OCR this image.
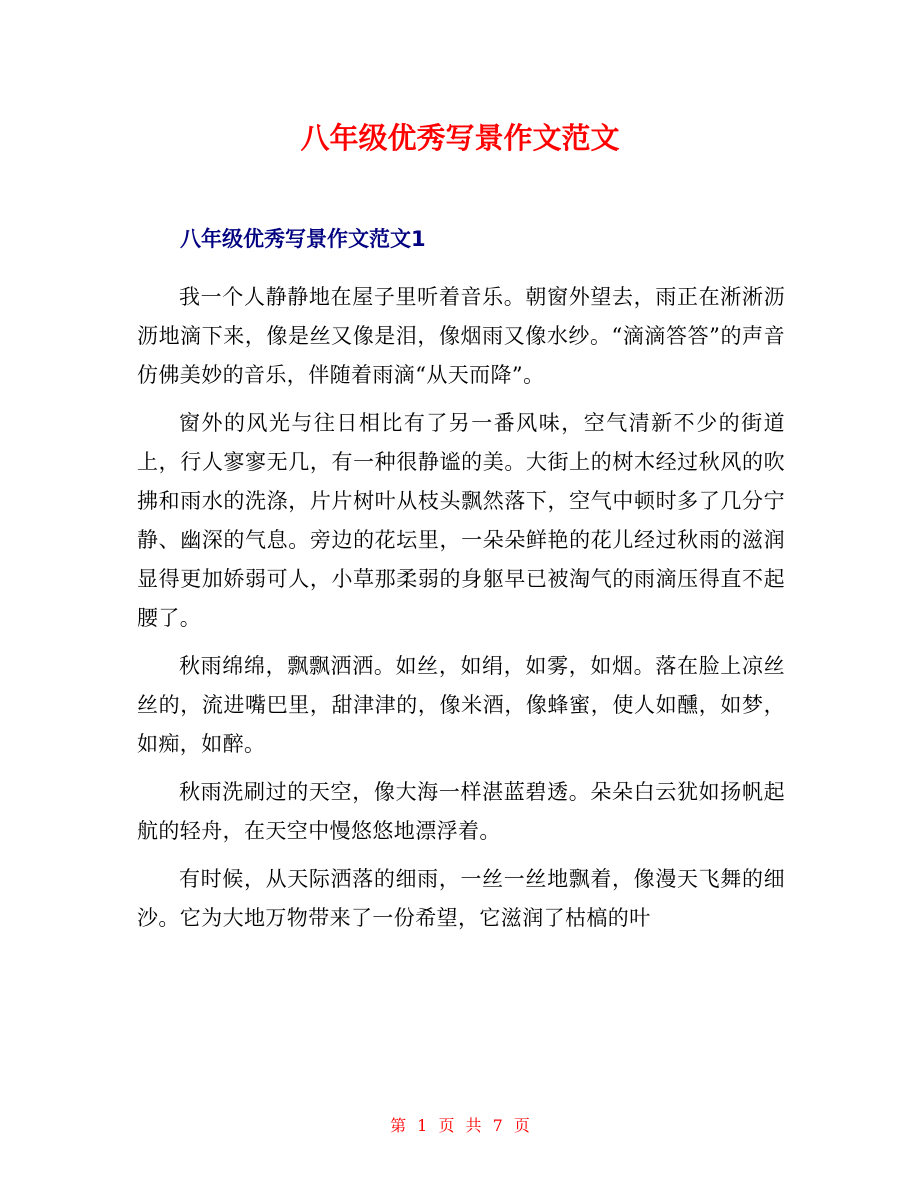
八年级优秀写景作文范文
八年级优秀写景作文范文1

我一个人静静地在屋子里听着音乐。朝窗外望去，雨正在淅淅沥沥地滴下来，像是丝又像是泪，像烟雨又像水纱。“滴滴答答”的声音仿佛美妙的音乐，伴随着雨滴“从天而降”。

窗外的风光与往日相比有了另一番风味，空气清新不少的街道上，行人寥寥无几，有一种很静谧的美。大街上的树木经过秋风的吹拂和雨水的洗涤，片片树叶从枝头飘然落下，空气中顿时多了几分宁静、幽深的气息。旁边的花坛里，一朵朵鲜艳的花儿经过秋雨的滋润显得更加娇弱可人，小草那柔弱的身躯早已被淘气的雨滴压得直不起腰了。

秋雨绵绵，飘飘洒洒。如丝，如绢，如雾，如烟。落在脸上凉丝丝的，流进嘴巴里，甜津津的，像米酒，像蜂蜜，使人如醺，如梦，如痴，如醉。

秋雨洗刷过的天空，像大海一样湛蓝碧透。朵朵白云犹如扬帆起航的轻舟，在天空中慢悠悠地漂浮着。

有时候，从天际洒落的细雨，一丝一丝地飘着，像漫天飞舞的细沙。它为大地万物带来了一份希望，它滋润了枯槁的叶

第 1 页 共 7 页
